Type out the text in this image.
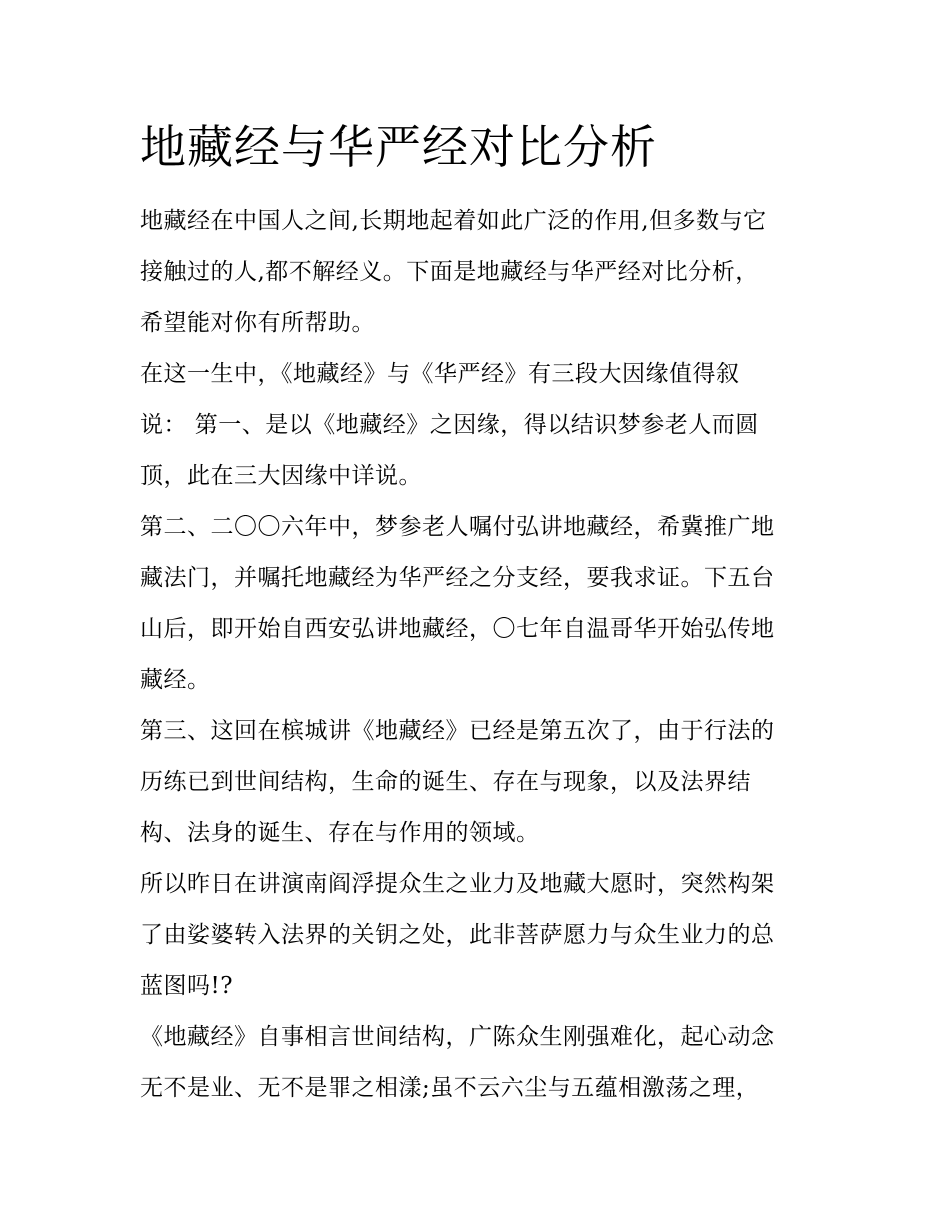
地藏经与华严经对比分析

地藏经在中国人之间,长期地起着如此广泛的作用,但多数与它

接触过的人,都不解经义。下面是地藏经与华严经对比分析，

希望能对你有所帮助。

在这一生中，《地藏经》与《华严经》有三段大因缘值得叙

说： 第一、是以《地藏经》之因缘，得以结识梦参老人而圆

顶，此在三大因缘中详说。

第二、二〇〇六年中，梦参老人嘱付弘讲地藏经，希冀推广地

藏法门，并嘱托地藏经为华严经之分支经，要我求证。下五台

山后，即开始自西安弘讲地藏经，〇七年自温哥华开始弘传地

藏经。

第三、这回在槟城讲《地藏经》已经是第五次了，由于行法的

历练已到世间结构，生命的诞生、存在与现象，以及法界结

构、法身的诞生、存在与作用的领域。

所以昨日在讲演南阎浮提众生之业力及地藏大愿时，突然构架

了由娑婆转入法界的关钥之处，此非菩萨愿力与众生业力的总

蓝图吗!?

《地藏经》自事相言世间结构，广陈众生刚强难化，起心动念

无不是业、无不是罪之相漾;虽不云六尘与五蕴相激荡之理，
